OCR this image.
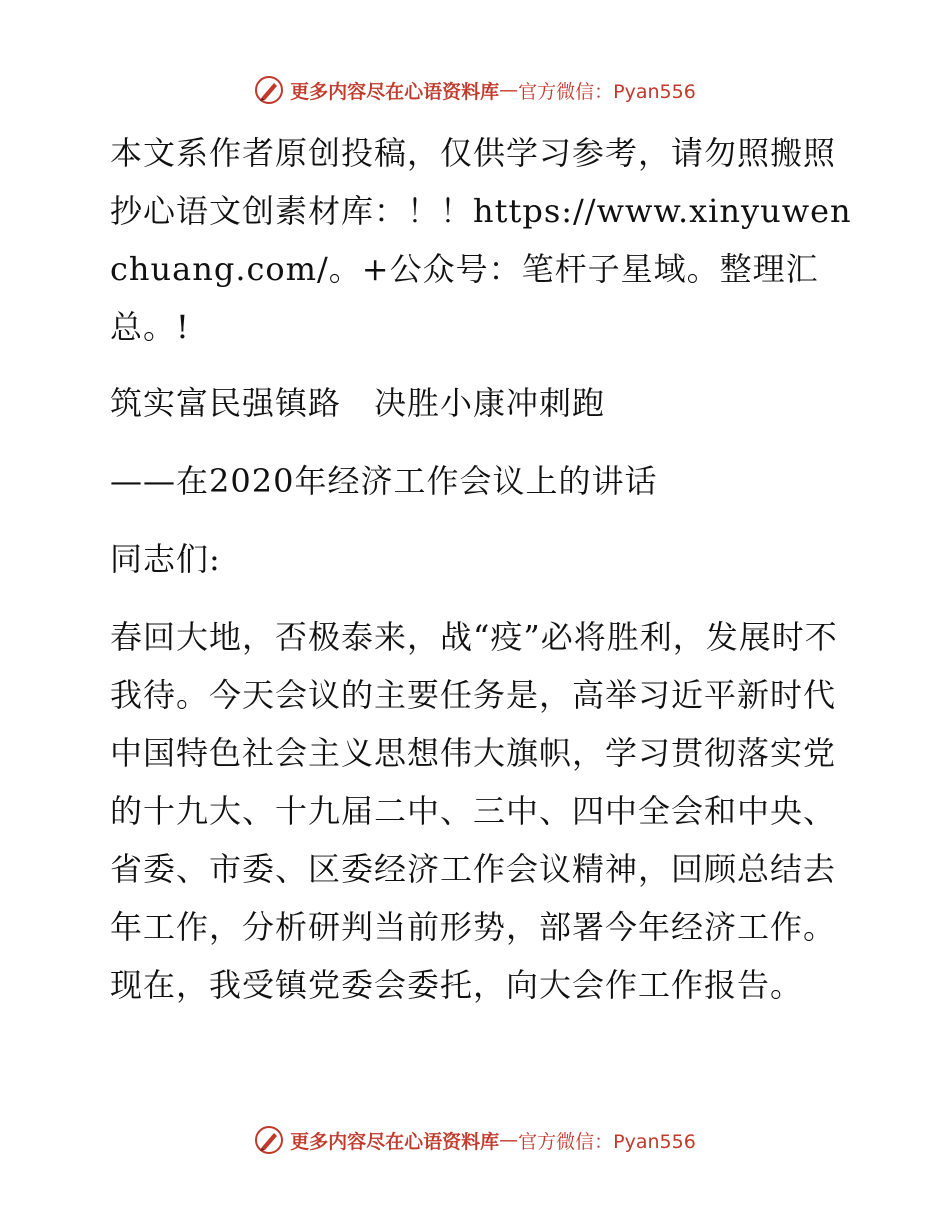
更多内容尽在心语资料库 — 官方微信：Pyan556

本文系作者原创投稿，仅供学习参考，请勿照搬照抄心语文创素材库：！！https://www.xinyuwenchuang.com/。+公众号：笔杆子星域。整理汇总。!

筑实富民强镇路　决胜小康冲刺跑

——在2020年经济工作会议上的讲话

同志们:

春回大地，否极泰来，战“疫”必将胜利，发展时不我待。今天会议的主要任务是，高举习近平新时代中国特色社会主义思想伟大旗帜，学习贯彻落实党的十九大、十九届二中、三中、四中全会和中央、省委、市委、区委经济工作会议精神，回顾总结去年工作，分析研判当前形势，部署今年经济工作。现在，我受镇党委会委托，向大会作工作报告。

更多内容尽在心语资料库 — 官方微信：Pyan556
